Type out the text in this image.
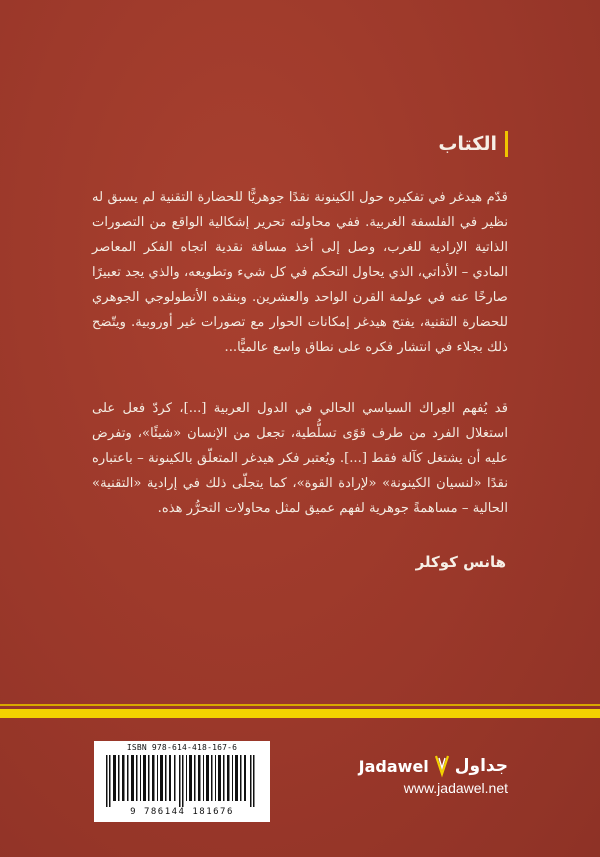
الكتاب
قدّم هيدغر في تفكيره حول الكينونة نقدًا جوهريًّا للحضارة التقنية لم يسبق له نظير في الفلسفة الغربية. ففي محاولته تحرير إشكالية الواقع من التصورات الذاتية الإرادية للغرب، وصل إلى أخذ مسافة نقدية اتجاه الفكر المعاصر المادي – الأداتي، الذي يحاول التحكم في كل شيء وتطويعه، والذي يجد تعبيرًا صارخًا عنه في عولمة القرن الواحد والعشرين. وبنقده الأنطولوجي الجوهري للحضارة التقنية، يفتح هيدغر إمكانات الحوار مع تصورات غير أوروبية. ويتّضح ذلك بجلاء في انتشار فكره على نطاق واسع عالميًّا...
قد يُفهم العِراك السياسي الحالي في الدول العربية [...]، كردّ فعل على استغلال الفرد من طرف قوًى تسلُّطية، تجعل من الإنسان «شيئًا»، وتفرض عليه أن يشتغل كآلة فقط [...]. ويُعتبر فكر هيدغر المتعلّق بالكينونة – باعتباره نقدًا «لنسيان الكينونة» «لإرادة القوة»، كما يتجلّى ذلك في إرادية «التقنية» الحالية – مساهمةً جوهرية لفهم عميق لمثل محاولات التحرُّر هذه.
هانس كوكلر
ISBN 978-614-418-167-6
9 786144 181676
Jadawel جداول
www.jadawel.net
